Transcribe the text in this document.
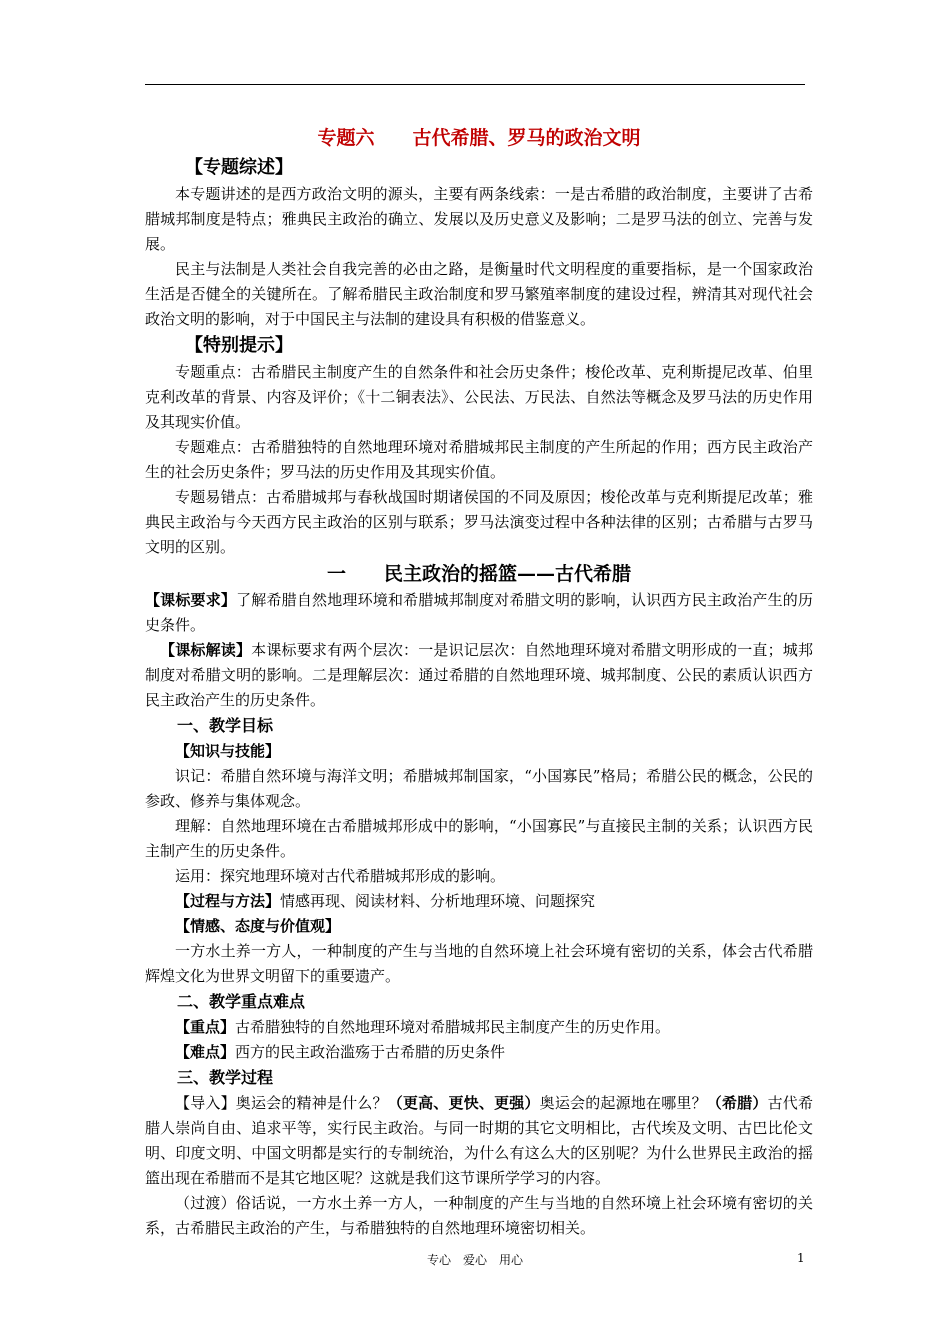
专题六　　古代希腊、罗马的政治文明
【专题综述】

本专题讲述的是西方政治文明的源头，主要有两条线索：一是古希腊的政治制度，主要讲了古希腊城邦制度是特点；雅典民主政治的确立、发展以及历史意义及影响；二是罗马法的创立、完善与发展。

民主与法制是人类社会自我完善的必由之路，是衡量时代文明程度的重要指标，是一个国家政治生活是否健全的关键所在。了解希腊民主政治制度和罗马繁殖率制度的建设过程，辨清其对现代社会政治文明的影响，对于中国民主与法制的建设具有积极的借鉴意义。

【特别提示】

专题重点：古希腊民主制度产生的自然条件和社会历史条件；梭伦改革、克利斯提尼改革、伯里克利改革的背景、内容及评价；《十二铜表法》、公民法、万民法、自然法等概念及罗马法的历史作用及其现实价值。

专题难点：古希腊独特的自然地理环境对希腊城邦民主制度的产生所起的作用；西方民主政治产生的社会历史条件；罗马法的历史作用及其现实价值。

专题易错点：古希腊城邦与春秋战国时期诸侯国的不同及原因；梭伦改革与克利斯提尼改革；雅典民主政治与今天西方民主政治的区别与联系；罗马法演变过程中各种法律的区别；古希腊与古罗马文明的区别。

一　　民主政治的摇篮——古代希腊

【课标要求】了解希腊自然地理环境和希腊城邦制度对希腊文明的影响，认识西方民主政治产生的历史条件。

【课标解读】本课标要求有两个层次：一是识记层次：自然地理环境对希腊文明形成的一直；城邦制度对希腊文明的影响。二是理解层次：通过希腊的自然地理环境、城邦制度、公民的素质认识西方民主政治产生的历史条件。

一、教学目标

【知识与技能】

识记：希腊自然环境与海洋文明；希腊城邦制国家，“小国寡民”格局；希腊公民的概念，公民的参政、修养与集体观念。

理解：自然地理环境在古希腊城邦形成中的影响，“小国寡民”与直接民主制的关系；认识西方民主制产生的历史条件。

运用：探究地理环境对古代希腊城邦形成的影响。

【过程与方法】情感再现、阅读材料、分析地理环境、问题探究

【情感、态度与价值观】

一方水土养一方人，一种制度的产生与当地的自然环境上社会环境有密切的关系，体会古代希腊辉煌文化为世界文明留下的重要遗产。

二、教学重点难点

【重点】古希腊独特的自然地理环境对希腊城邦民主制度产生的历史作用。

【难点】西方的民主政治滥殇于古希腊的历史条件

三、教学过程

【导入】奥运会的精神是什么？（更高、更快、更强）奥运会的起源地在哪里？（希腊）古代希腊人崇尚自由、追求平等，实行民主政治。与同一时期的其它文明相比，古代埃及文明、古巴比伦文明、印度文明、中国文明都是实行的专制统治，为什么有这么大的区别呢？为什么世界民主政治的摇篮出现在希腊而不是其它地区呢？这就是我们这节课所学学习的内容。

（过渡）俗话说，一方水土养一方人，一种制度的产生与当地的自然环境上社会环境有密切的关系，古希腊民主政治的产生，与希腊独特的自然地理环境密切相关。

专心　爱心　用心	1
